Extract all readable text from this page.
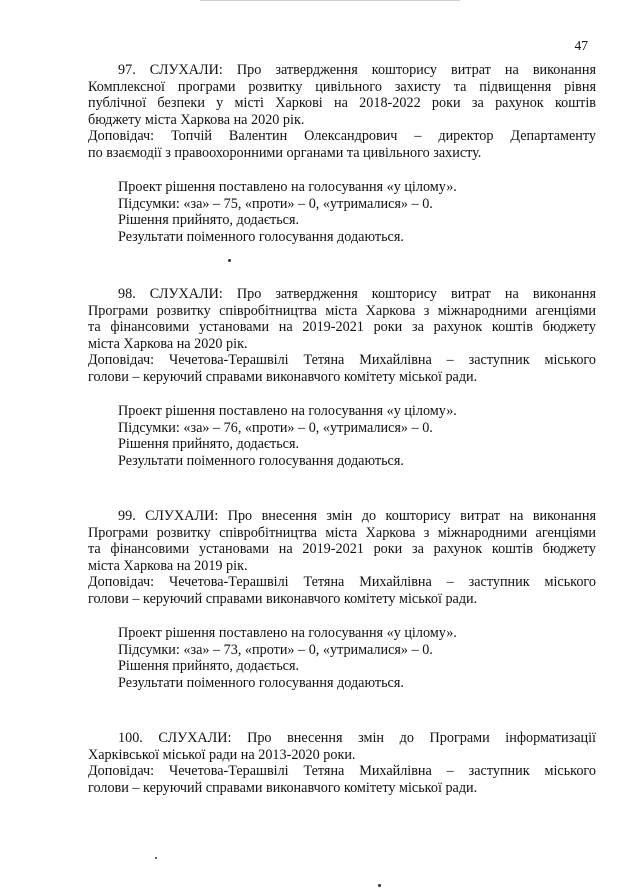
47

97. СЛУХАЛИ: Про затвердження кошторису витрат на виконання

Комплексної програми розвитку цивільного захисту та підвищення рівня

публічної безпеки у місті Харкові на 2018-2022 роки за рахунок коштів

бюджету міста Харкова на 2020 рік.

Доповідач: Топчій Валентин Олександрович – директор Департаменту

по взаємодії з правоохоронними органами та цивільного захисту.

Проект рішення поставлено на голосування «у цілому».

Підсумки: «за» – 75, «проти» – 0, «утрималися» – 0.

Рішення прийнято, додається.

Результати поіменного голосування додаються.

98. СЛУХАЛИ: Про затвердження кошторису витрат на виконання

Програми розвитку співробітництва міста Харкова з міжнародними агенціями

та фінансовими установами на 2019-2021 роки за рахунок коштів бюджету

міста Харкова на 2020 рік.

Доповідач: Чечетова-Терашвілі Тетяна Михайлівна – заступник міського

голови – керуючий справами виконавчого комітету міської ради.

Проект рішення поставлено на голосування «у цілому».

Підсумки: «за» – 76, «проти» – 0, «утрималися» – 0.

Рішення прийнято, додається.

Результати поіменного голосування додаються.

99. СЛУХАЛИ: Про внесення змін до кошторису витрат на виконання

Програми розвитку співробітництва міста Харкова з міжнародними агенціями

та фінансовими установами на 2019-2021 роки за рахунок коштів бюджету

міста Харкова на 2019 рік.

Доповідач: Чечетова-Терашвілі Тетяна Михайлівна – заступник міського

голови – керуючий справами виконавчого комітету міської ради.

Проект рішення поставлено на голосування «у цілому».

Підсумки: «за» – 73, «проти» – 0, «утрималися» – 0.

Рішення прийнято, додається.

Результати поіменного голосування додаються.

100. СЛУХАЛИ: Про внесення змін до Програми інформатизації

Харківської міської ради на 2013-2020 роки.

Доповідач: Чечетова-Терашвілі Тетяна Михайлівна – заступник міського

голови – керуючий справами виконавчого комітету міської ради.
